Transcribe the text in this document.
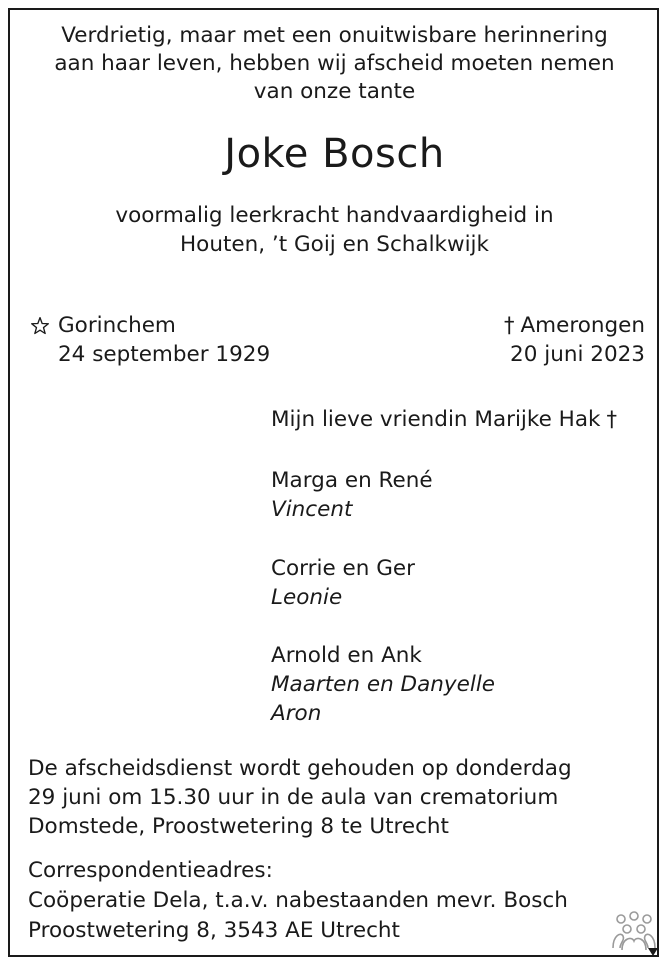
Verdrietig, maar met een onuitwisbare herinnering
aan haar leven, hebben wij afscheid moeten nemen
van onze tante
Joke Bosch
voormalig leerkracht handvaardigheid in
Houten, ’t Goij en Schalkwijk
Gorinchem
24 september 1929
† Amerongen
20 juni 2023
Mijn lieve vriendin Marijke Hak †
Marga en René
Vincent
Corrie en Ger
Leonie
Arnold en Ank
Maarten en Danyelle
Aron
De afscheidsdienst wordt gehouden op donderdag
29 juni om 15.30 uur in de aula van crematorium
Domstede, Proostwetering 8 te Utrecht
Correspondentieadres:
Coöperatie Dela, t.a.v. nabestaanden mevr. Bosch
Proostwetering 8, 3543 AE Utrecht
